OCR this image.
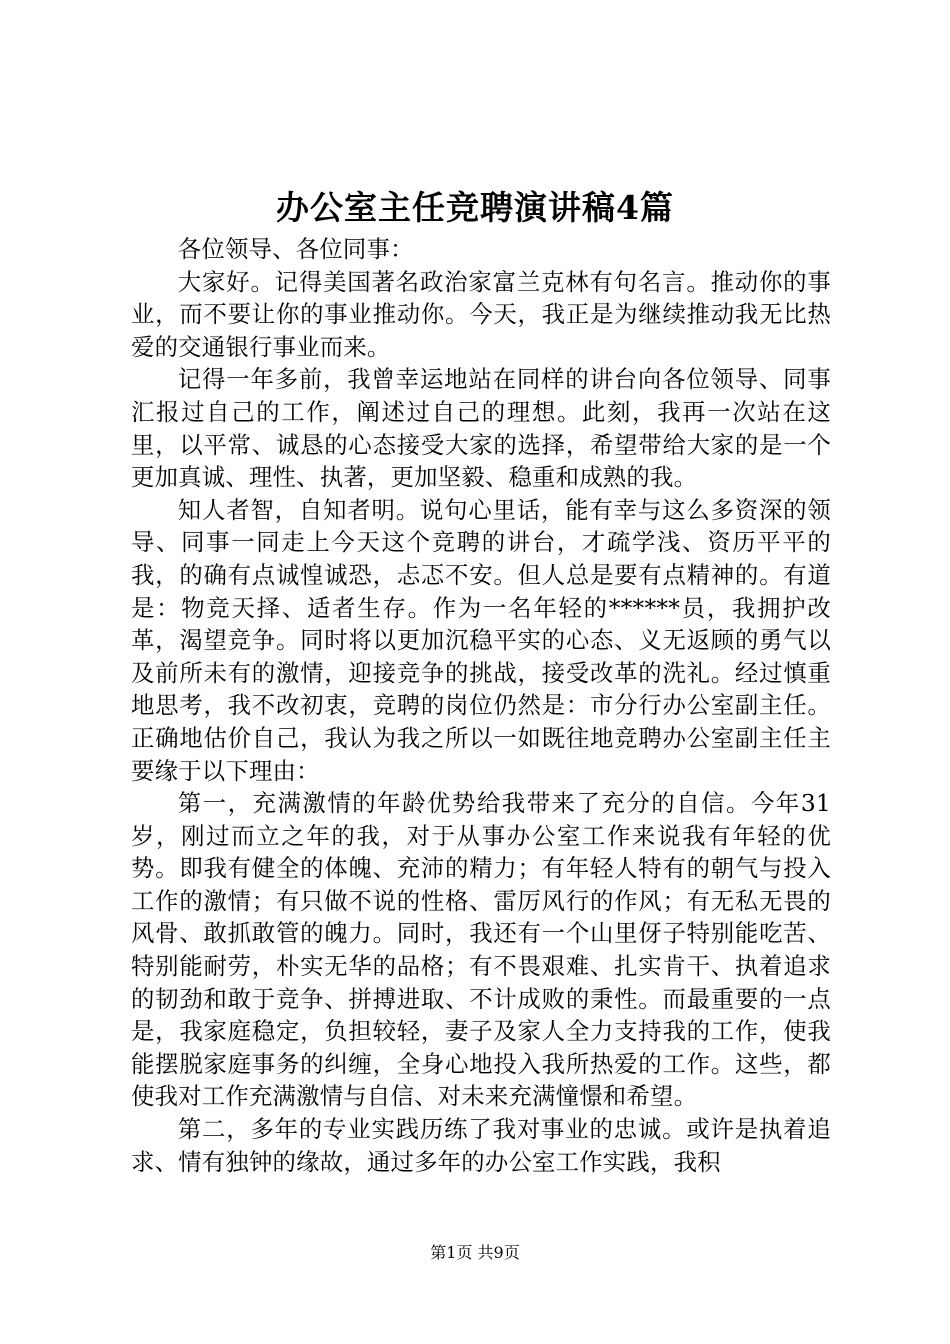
办公室主任竞聘演讲稿4篇

各位领导、各位同事：

大家好。记得美国著名政治家富兰克林有句名言。推动你的事业，而不要让你的事业推动你。今天，我正是为继续推动我无比热爱的交通银行事业而来。

记得一年多前，我曾幸运地站在同样的讲台向各位领导、同事汇报过自己的工作，阐述过自己的理想。此刻，我再一次站在这里，以平常、诚恳的心态接受大家的选择，希望带给大家的是一个更加真诚、理性、执著，更加坚毅、稳重和成熟的我。

知人者智，自知者明。说句心里话，能有幸与这么多资深的领导、同事一同走上今天这个竞聘的讲台，才疏学浅、资历平平的我，的确有点诚惶诚恐，忐忑不安。但人总是要有点精神的。有道是：物竞天择、适者生存。作为一名年轻的******员，我拥护改革，渴望竞争。同时将以更加沉稳平实的心态、义无返顾的勇气以及前所未有的激情，迎接竞争的挑战，接受改革的洗礼。经过慎重地思考，我不改初衷，竞聘的岗位仍然是：市分行办公室副主任。正确地估价自己，我认为我之所以一如既往地竞聘办公室副主任主要缘于以下理由：

第一，充满激情的年龄优势给我带来了充分的自信。今年31岁，刚过而立之年的我，对于从事办公室工作来说我有年轻的优势。即我有健全的体魄、充沛的精力；有年轻人特有的朝气与投入工作的激情；有只做不说的性格、雷厉风行的作风；有无私无畏的风骨、敢抓敢管的魄力。同时，我还有一个山里伢子特别能吃苦、特别能耐劳，朴实无华的品格；有不畏艰难、扎实肯干、执着追求的韧劲和敢于竞争、拼搏进取、不计成败的秉性。而最重要的一点是，我家庭稳定，负担较轻，妻子及家人全力支持我的工作，使我能摆脱家庭事务的纠缠，全身心地投入我所热爱的工作。这些，都使我对工作充满激情与自信、对未来充满憧憬和希望。

第二，多年的专业实践历练了我对事业的忠诚。或许是执着追求、情有独钟的缘故，通过多年的办公室工作实践，我积

第1页 共9页
